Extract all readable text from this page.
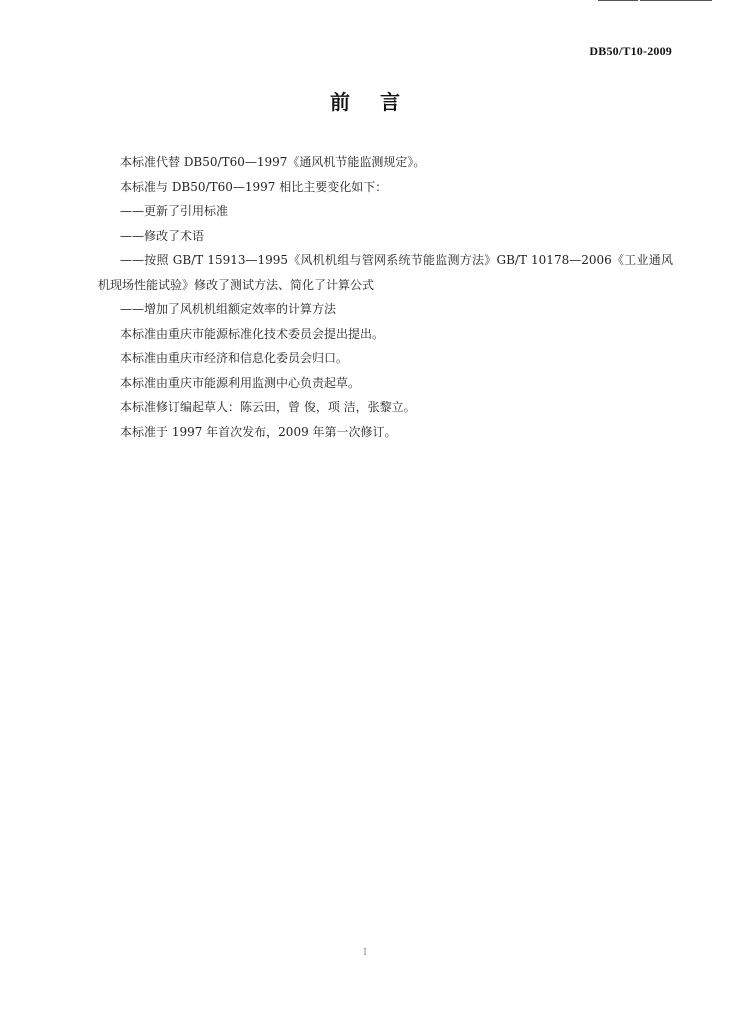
DB50/T10-2009
前言

本标准代替 DB50/T60—1997《通风机节能监测规定》。

本标准与 DB50/T60—1997 相比主要变化如下：

——更新了引用标准

——修改了术语

——按照 GB/T 15913—1995《风机机组与管网系统节能监测方法》GB/T 10178—2006《工业通风机现场性能试验》修改了测试方法、简化了计算公式

——增加了风机机组额定效率的计算方法

本标准由重庆市能源标准化技术委员会提出提出。

本标准由重庆市经济和信息化委员会归口。

本标准由重庆市能源利用监测中心负责起草。

本标准修订编起草人：陈云田，曾 俊，项 洁，张黎立。

本标准于 1997 年首次发布，2009 年第一次修订。

I
